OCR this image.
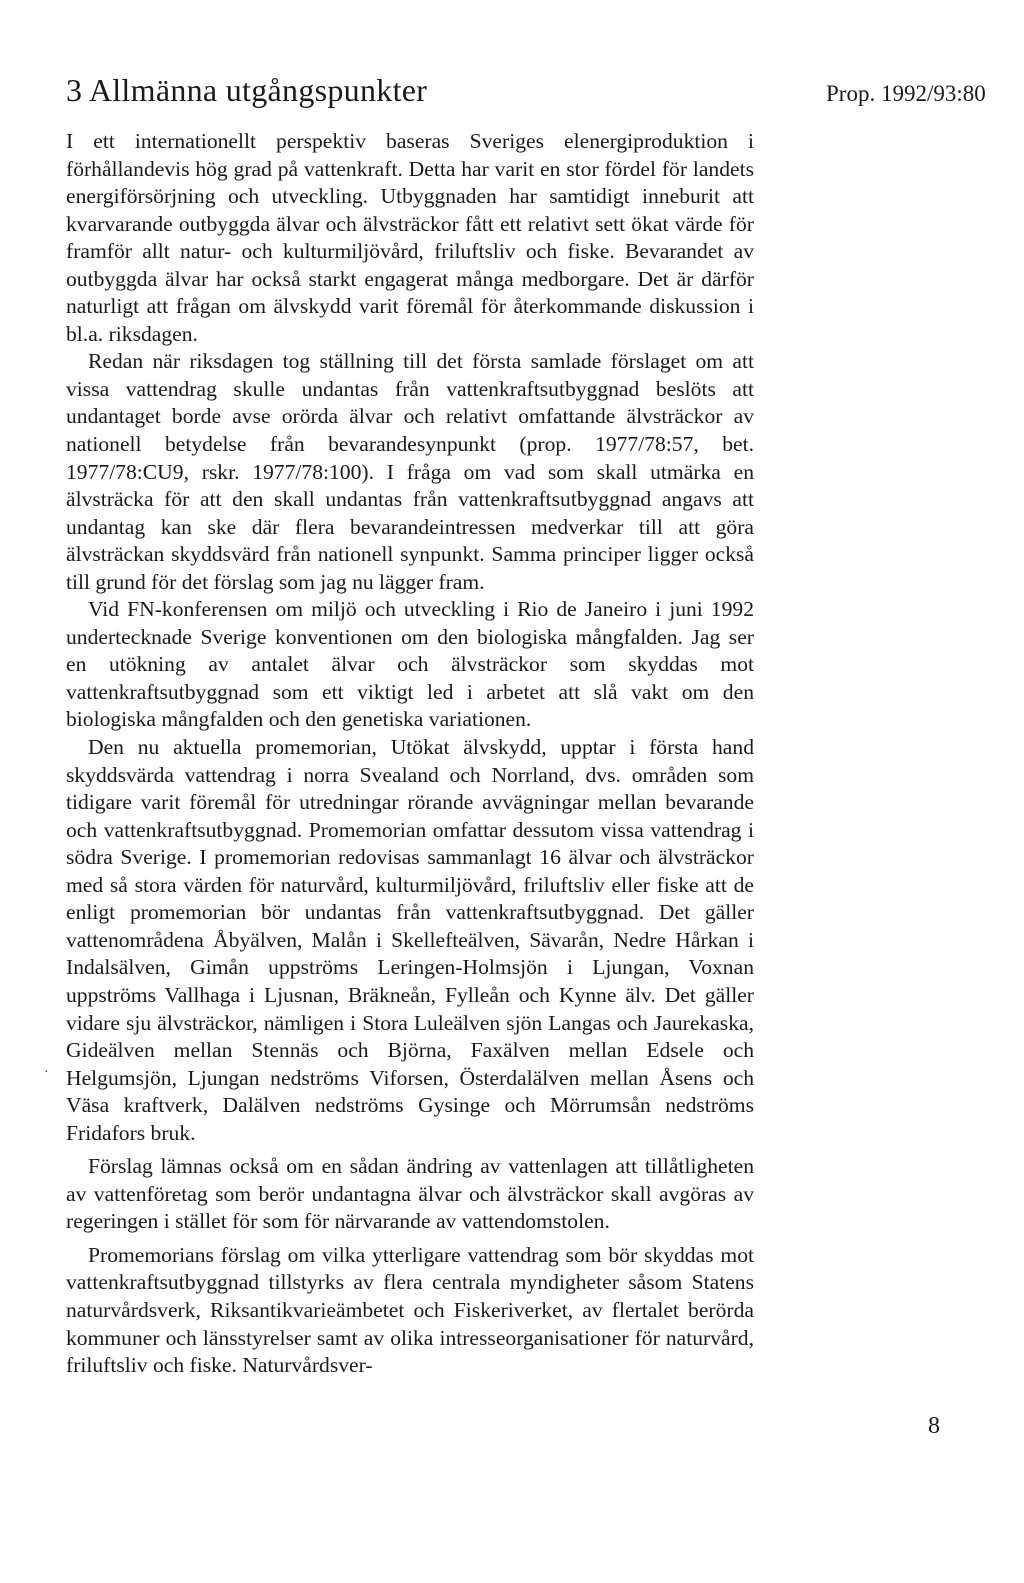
3 Allmänna utgångspunkter	Prop. 1992/93:80

I ett internationellt perspektiv baseras Sveriges elenergiproduktion i förhållandevis hög grad på vattenkraft. Detta har varit en stor fördel för landets energiförsörjning och utveckling. Utbyggnaden har samtidigt inneburit att kvarvarande outbyggda älvar och älvsträckor fått ett relativt sett ökat värde för framför allt natur- och kulturmiljövård, friluftsliv och fiske. Bevarandet av outbyggda älvar har också starkt engagerat många medborgare. Det är därför naturligt att frågan om älvskydd varit föremål för återkommande diskussion i bl.a. riksdagen.

Redan när riksdagen tog ställning till det första samlade förslaget om att vissa vattendrag skulle undantas från vattenkraftsutbyggnad beslöts att undantaget borde avse orörda älvar och relativt omfattande älvsträckor av nationell betydelse från bevarandesynpunkt (prop. 1977/78:57, bet. 1977/78:CU9, rskr. 1977/78:100). I fråga om vad som skall utmärka en älvsträcka för att den skall undantas från vattenkraftsutbyggnad angavs att undantag kan ske där flera bevarandeintressen medverkar till att göra älvsträckan skyddsvärd från nationell synpunkt. Samma principer ligger också till grund för det förslag som jag nu lägger fram.

Vid FN-konferensen om miljö och utveckling i Rio de Janeiro i juni 1992 undertecknade Sverige konventionen om den biologiska mångfalden. Jag ser en utökning av antalet älvar och älvsträckor som skyddas mot vattenkraftsutbyggnad som ett viktigt led i arbetet att slå vakt om den biologiska mångfalden och den genetiska variationen.

Den nu aktuella promemorian, Utökat älvskydd, upptar i första hand skyddsvärda vattendrag i norra Svealand och Norrland, dvs. områden som tidigare varit föremål för utredningar rörande avvägningar mellan bevarande och vattenkraftsutbyggnad. Promemorian omfattar dessutom vissa vattendrag i södra Sverige. I promemorian redovisas sammanlagt 16 älvar och älvsträckor med så stora värden för naturvård, kulturmiljövård, friluftsliv eller fiske att de enligt promemorian bör undantas från vattenkraftsutbyggnad. Det gäller vattenområdena Åbyälven, Malån i Skellefteälven, Sävarån, Nedre Hårkan i Indalsälven, Gimån uppströms Leringen-Holmsjön i Ljungan, Voxnan uppströms Vallhaga i Ljusnan, Bräkneån, Fylleån och Kynne älv. Det gäller vidare sju älvsträckor, nämligen i Stora Luleälven sjön Langas och Jaurekaska, Gideälven mellan Stennäs och Björna, Faxälven mellan Edsele och Helgumsjön, Ljungan nedströms Viforsen, Österdalälven mellan Åsens och Väsa kraftverk, Dalälven nedströms Gysinge och Mörrumsån nedströms Fridafors bruk.

Förslag lämnas också om en sådan ändring av vattenlagen att tillåtligheten av vattenföretag som berör undantagna älvar och älvsträckor skall avgöras av regeringen i stället för som för närvarande av vattendomstolen.

Promemorians förslag om vilka ytterligare vattendrag som bör skyddas mot vattenkraftsutbyggnad tillstyrks av flera centrala myndigheter såsom Statens naturvårdsverk, Riksantikvarieämbetet och Fiskeriverket, av flertalet berörda kommuner och länsstyrelser samt av olika intresseorganisationer för naturvård, friluftsliv och fiske. Naturvårdsver-

·
8
